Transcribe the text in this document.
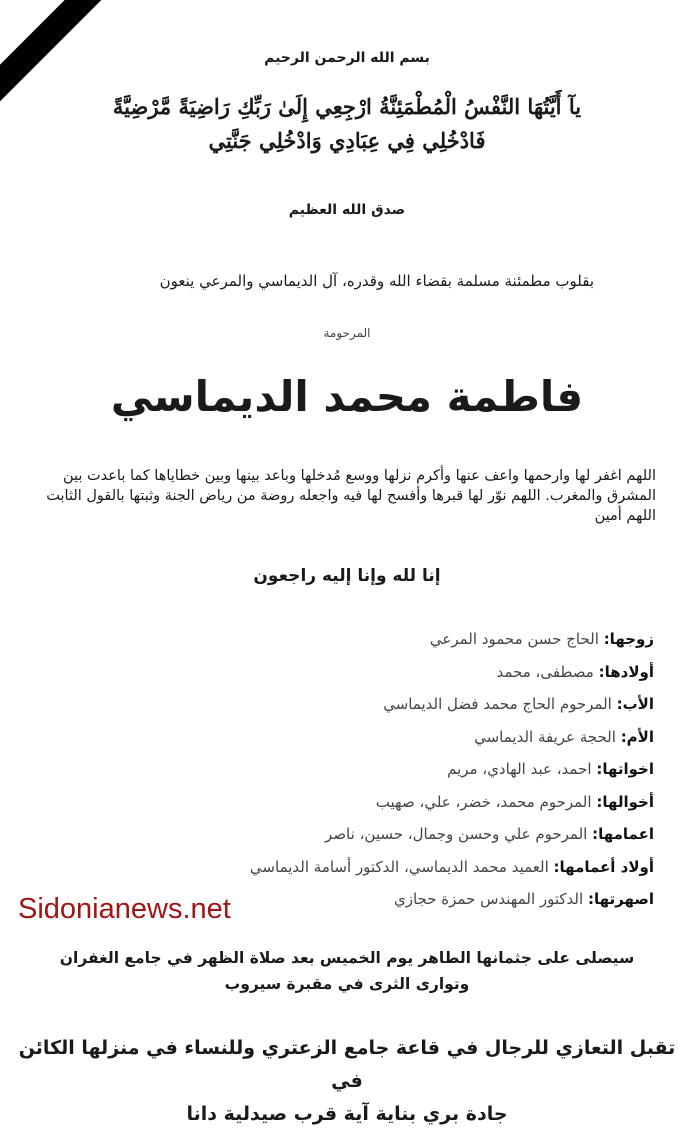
بسم الله الرحمن الرحيم
يآ أَيَّتُهَا النَّفْسُ الْمُطْمَئِنَّةُ ارْجِعِي إِلَىٰ رَبِّكِ رَاضِيَةً مَّرْضِيَّةً
فَادْخُلِي فِي عِبَادِي وَادْخُلِي جَنَّتِي
صدق الله العظيم
بقلوب مطمئنة مسلمة بقضاء الله وقدره، آل الديماسي والمرعي ينعون
المرحومة
فاطمة محمد الديماسي
اللهم اغفر لها وارحمها واعف عنها وأكرم نزلها ووسع مُدخلها وباعد بينها وبين خطاياها كما باعدت بين المشرق والمغرب. اللهم نوّر لها قبرها وأفسح لها فيه واجعله روضة من رياض الجنة وثبتها بالقول الثابت اللهم أمين
إنا لله وإنا إليه راجعون
زوجها: الحاج حسن محمود المرعي
أولادها: مصطفى، محمد
الأب: المرحوم الحاج محمد فضل الديماسي
الأم: الحجة عريفة الديماسي
اخواتها: احمد، عبد الهادي، مريم
أخوالها: المرحوم محمد، خضر، علي، صهيب
اعمامها: المرحوم علي وحسن وجمال، حسين، ناصر
أولاد أعمامها: العميد محمد الديماسي، الدكتور أسامة الديماسي
اصهرتها: الدكتور المهندس حمزة حجازي
Sidonianews.net
سيصلى على جثمانها الطاهر يوم الخميس بعد صلاة الظهر في جامع الغفران
وتوارى الثرى في مقبرة سيروب
تقبل التعازي للرجال في قاعة جامع الزعتري وللنساء في منزلها الكائن في
جادة بري بناية آية قرب صيدلية دانا
